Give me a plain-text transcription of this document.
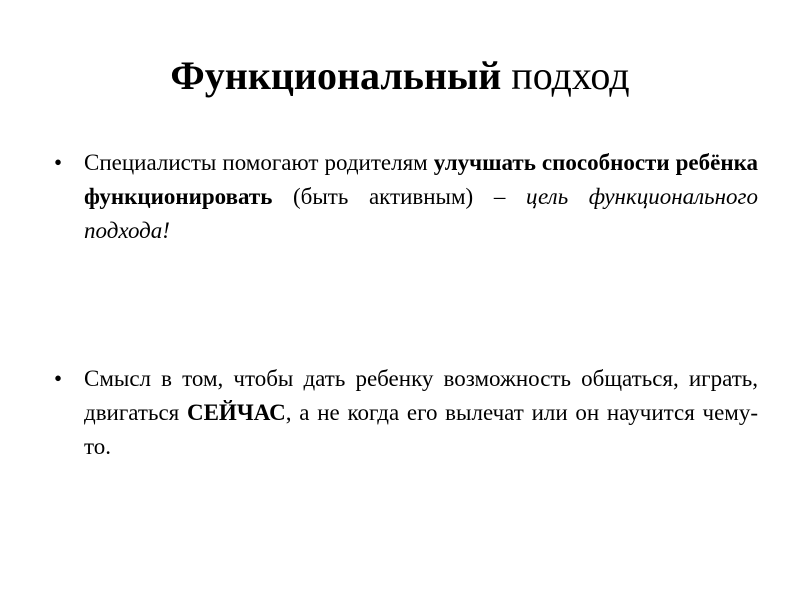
Функциональный подход
• Специалисты помогают родителям улучшать способности ребёнка функционировать (быть активным) – цель функционального подхода!
• Смысл в том, чтобы дать ребенку возможность общаться, играть, двигаться СЕЙЧАС, а не когда его вылечат или он научится чему- то.
